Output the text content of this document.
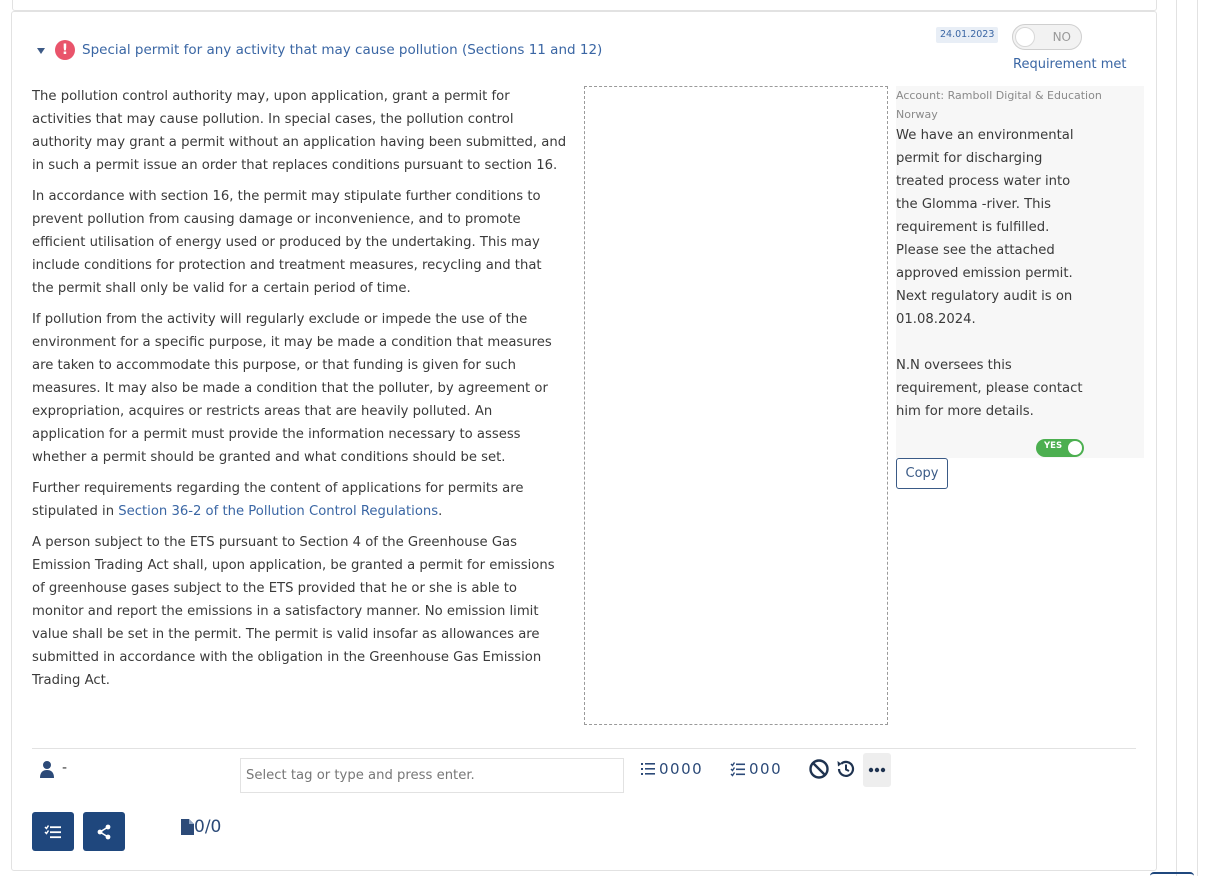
!	Special permit for any activity that may cause pollution (Sections 11 and 12)
24.01.2023	NO
Requirement met

The pollution control authority may, upon application, grant a permit for activities that may cause pollution. In special cases, the pollution control authority may grant a permit without an application having been submitted, and in such a permit issue an order that replaces conditions pursuant to section 16.

In accordance with section 16, the permit may stipulate further conditions to prevent pollution from causing damage or inconvenience, and to promote efficient utilisation of energy used or produced by the undertaking. This may include conditions for protection and treatment measures, recycling and that the permit shall only be valid for a certain period of time.

If pollution from the activity will regularly exclude or impede the use of the environment for a specific purpose, it may be made a condition that measures are taken to accommodate this purpose, or that funding is given for such measures. It may also be made a condition that the polluter, by agreement or expropriation, acquires or restricts areas that are heavily polluted. An application for a permit must provide the information necessary to assess whether a permit should be granted and what conditions should be set.

Further requirements regarding the content of applications for permits are stipulated in Section 36-2 of the Pollution Control Regulations.

A person subject to the ETS pursuant to Section 4 of the Greenhouse Gas Emission Trading Act shall, upon application, be granted a permit for emissions of greenhouse gases subject to the ETS provided that he or she is able to monitor and report the emissions in a satisfactory manner. No emission limit value shall be set in the permit. The permit is valid insofar as allowances are submitted in accordance with the obligation in the Greenhouse Gas Emission Trading Act.

Account: Ramboll Digital & Education Norway
We have an environmental permit for discharging treated process water into the Glomma -river. This requirement is fulfilled. Please see the attached approved emission permit. Next regulatory audit is on 01.08.2024.

N.N oversees this requirement, please contact him for more details.
YES
Copy
-
Select tag or type and press enter.	0000	000
0/0
